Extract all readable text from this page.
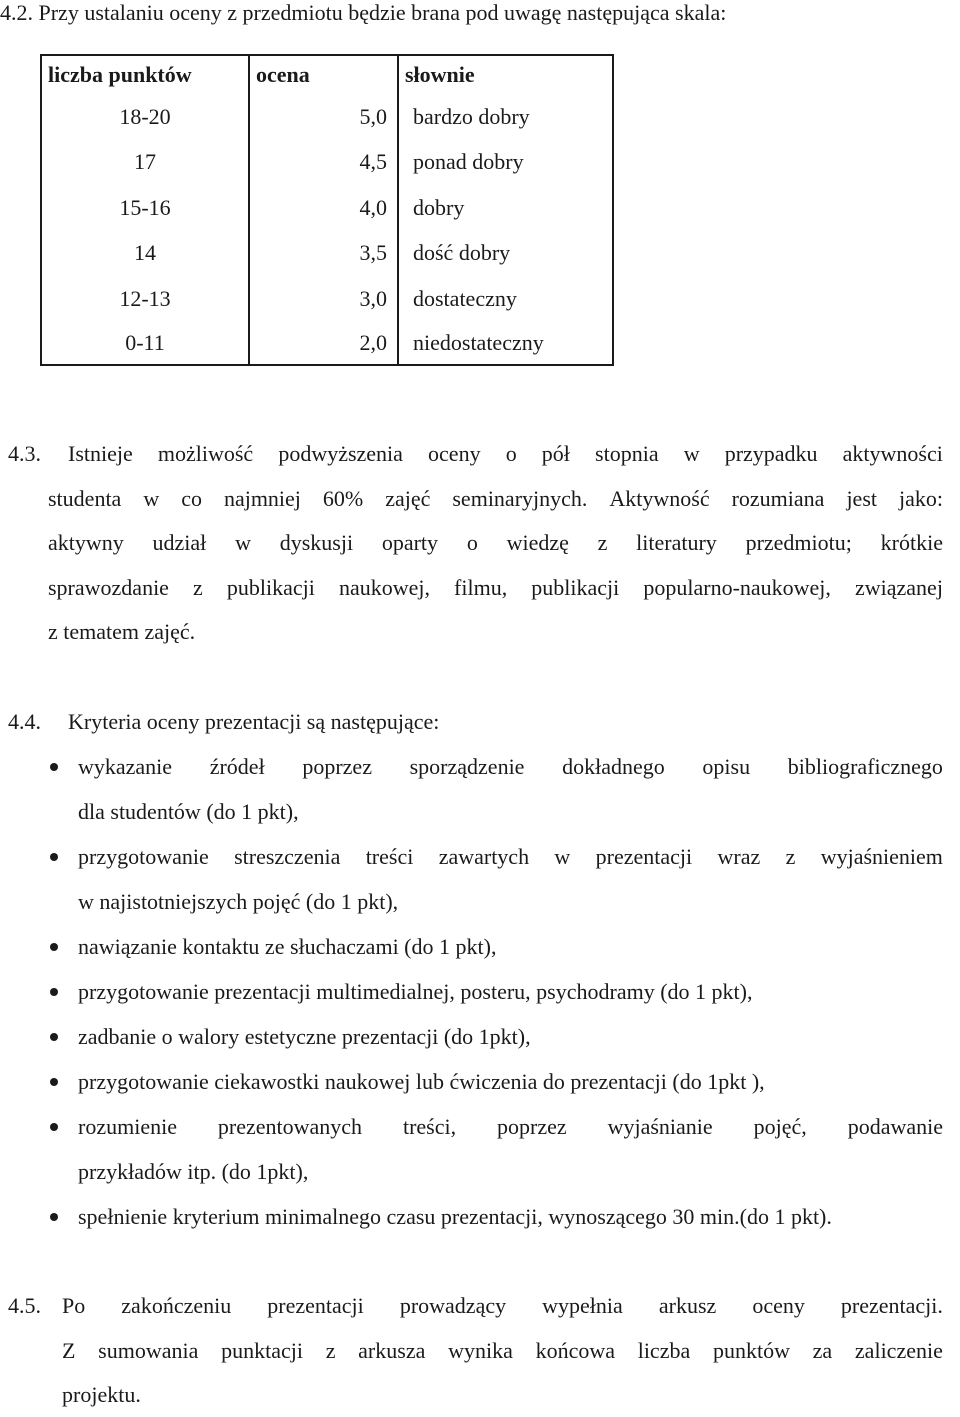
4.2. Przy ustalaniu oceny z przedmiotu będzie brana pod uwagę następująca skala:
liczba punktów	ocena	słownie
18-20	5,0	bardzo dobry
17	4,5	ponad dobry
15-16	4,0	dobry
14	3,5	dość dobry
12-13	3,0	dostateczny
0-11	2,0	niedostateczny
4.3. Istnieje możliwość podwyższenia oceny o pół stopnia w przypadku aktywności
studenta w co najmniej 60% zajęć seminaryjnych. Aktywność rozumiana jest jako:
aktywny udział w dyskusji oparty o wiedzę z literatury przedmiotu; krótkie
sprawozdanie z publikacji naukowej, filmu, publikacji popularno-naukowej, związanej
z tematem zajęć.
4.4. Kryteria oceny prezentacji są następujące:
wykazanie źródeł poprzez sporządzenie dokładnego opisu bibliograficznego
dla studentów (do 1 pkt),
przygotowanie streszczenia treści zawartych w prezentacji wraz z wyjaśnieniem
w najistotniejszych pojęć (do 1 pkt),
nawiązanie kontaktu ze słuchaczami (do 1 pkt),
przygotowanie prezentacji multimedialnej, posteru, psychodramy (do 1 pkt),
zadbanie o walory estetyczne prezentacji (do 1pkt),
przygotowanie ciekawostki naukowej lub ćwiczenia do prezentacji (do 1pkt ),
rozumienie prezentowanych treści, poprzez wyjaśnianie pojęć, podawanie
przykładów itp. (do 1pkt),
spełnienie kryterium minimalnego czasu prezentacji, wynoszącego 30 min.(do 1 pkt).
4.5. Po zakończeniu prezentacji prowadzący wypełnia arkusz oceny prezentacji.
Z sumowania punktacji z arkusza wynika końcowa liczba punktów za zaliczenie
projektu.
